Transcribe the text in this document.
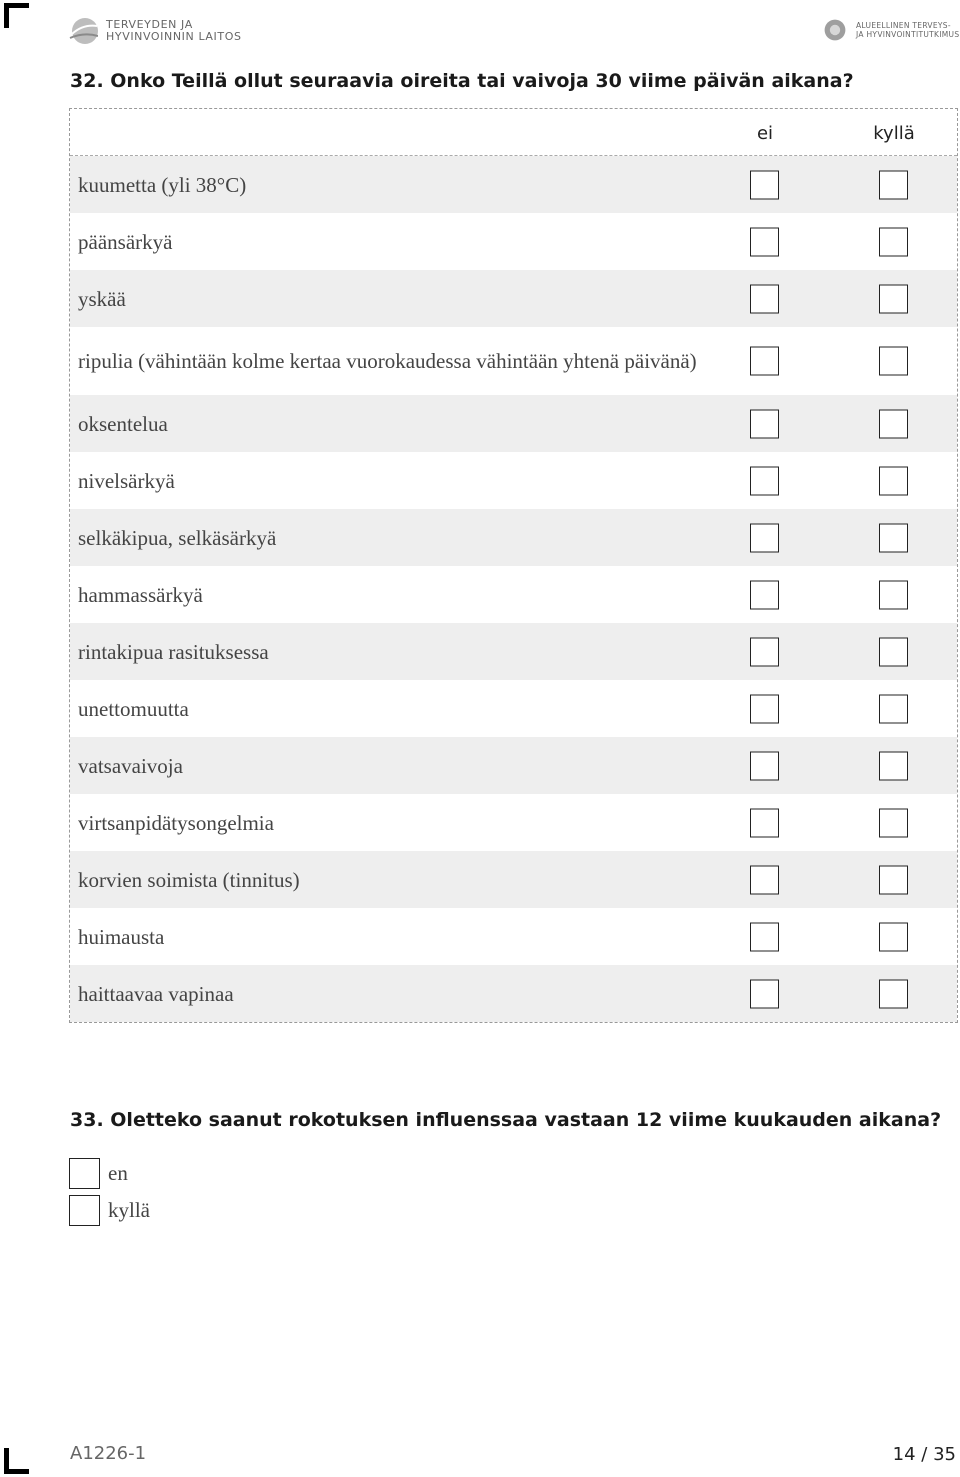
TERVEYDEN JA
HYVINVOINNIN LAITOS
ALUEELLINEN TERVEYS-
JA HYVINVOINTITUTKIMUS
32. Onko Teillä ollut seuraavia oireita tai vaivoja 30 viime päivän aikana?
ei	kyllä
kuumetta (yli 38°C)
päänsärkyä
yskää
ripulia (vähintään kolme kertaa vuorokaudessa vähintään yhtenä päivänä)
oksentelua
nivelsärkyä
selkäkipua, selkäsärkyä
hammassärkyä
rintakipua rasituksessa
unettomuutta
vatsavaivoja
virtsanpidätysongelmia
korvien soimista (tinnitus)
huimausta
haittaavaa vapinaa
33. Oletteko saanut rokotuksen influenssaa vastaan 12 viime kuukauden aikana?
en
kyllä
A1226-1	14 / 35
